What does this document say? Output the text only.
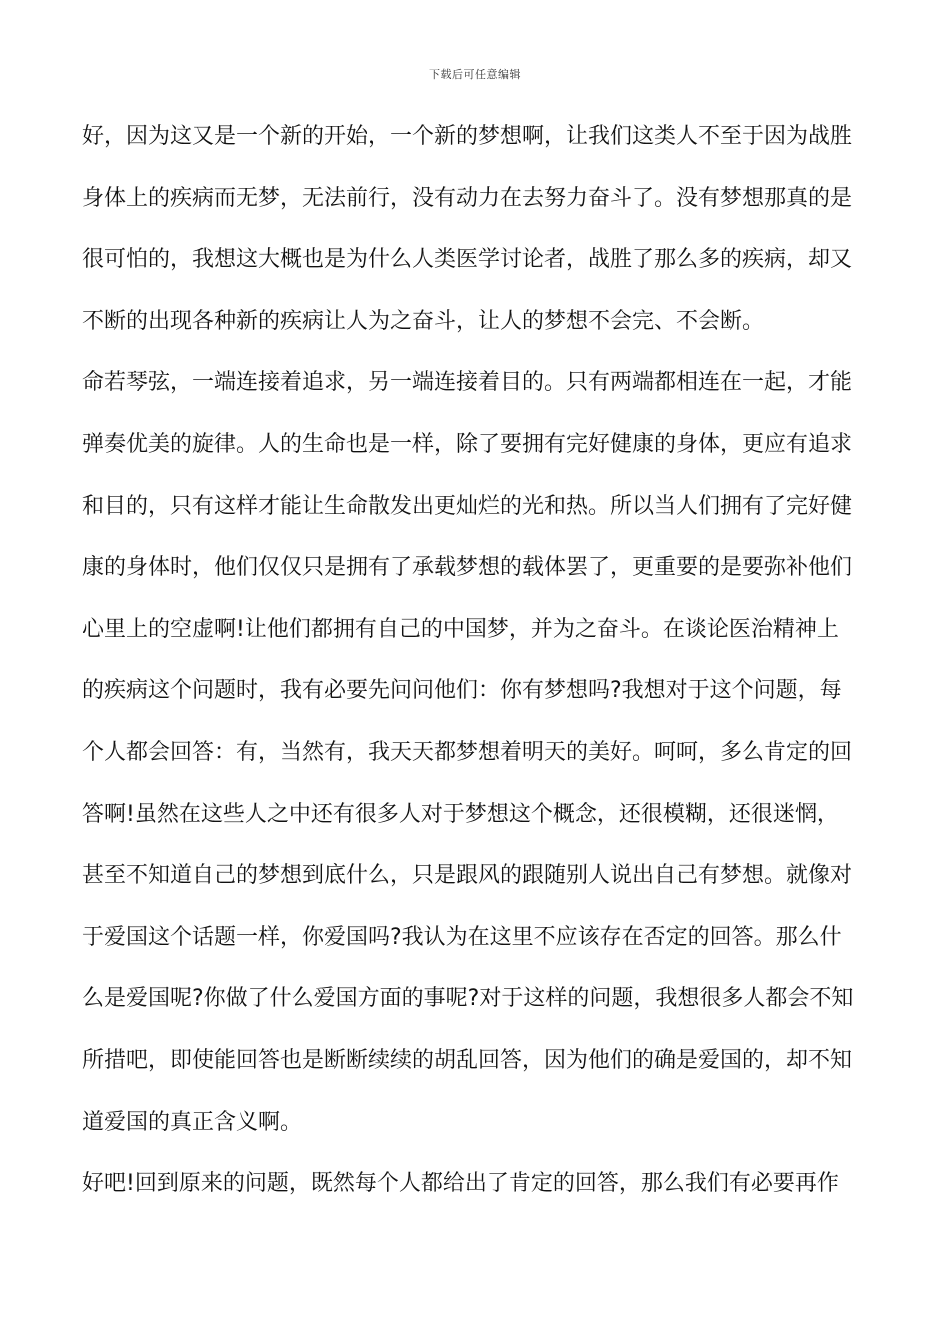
下载后可任意编辑
好，因为这又是一个新的开始，一个新的梦想啊，让我们这类人不至于因为战胜
身体上的疾病而无梦，无法前行，没有动力在去努力奋斗了。没有梦想那真的是
很可怕的，我想这大概也是为什么人类医学讨论者，战胜了那么多的疾病，却又
不断的出现各种新的疾病让人为之奋斗，让人的梦想不会完、不会断。
命若琴弦，一端连接着追求，另一端连接着目的。只有两端都相连在一起，才能
弹奏优美的旋律。人的生命也是一样，除了要拥有完好健康的身体，更应有追求
和目的，只有这样才能让生命散发出更灿烂的光和热。所以当人们拥有了完好健
康的身体时，他们仅仅只是拥有了承载梦想的载体罢了，更重要的是要弥补他们
心里上的空虚啊!让他们都拥有自己的中国梦，并为之奋斗。在谈论医治精神上
的疾病这个问题时，我有必要先问问他们：你有梦想吗?我想对于这个问题，每
个人都会回答：有，当然有，我天天都梦想着明天的美好。呵呵，多么肯定的回
答啊!虽然在这些人之中还有很多人对于梦想这个概念，还很模糊，还很迷惘，
甚至不知道自己的梦想到底什么，只是跟风的跟随别人说出自己有梦想。就像对
于爱国这个话题一样，你爱国吗?我认为在这里不应该存在否定的回答。那么什
么是爱国呢?你做了什么爱国方面的事呢?对于这样的问题，我想很多人都会不知
所措吧，即使能回答也是断断续续的胡乱回答，因为他们的确是爱国的，却不知
道爱国的真正含义啊。
好吧!回到原来的问题，既然每个人都给出了肯定的回答，那么我们有必要再作
